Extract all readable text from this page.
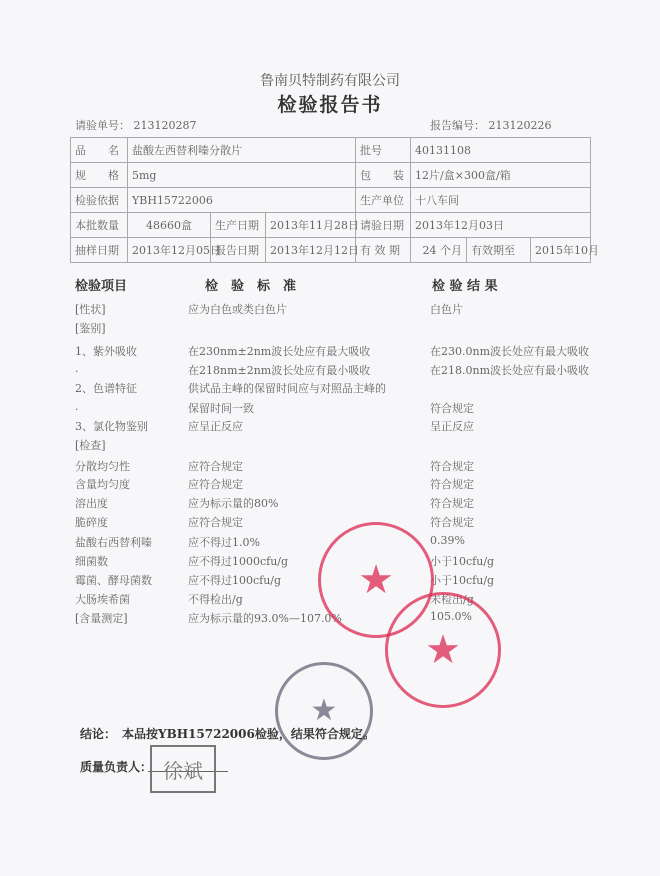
鲁南贝特制药有限公司
检验报告书
请验单号： 213120287	报告编号： 213120226
品　　名	盐酸左西替利嗪分散片			批号	40131108		
规　　格	5mg			包　　装	12片/盒×300盒/箱		
检验依据	YBH15722006			生产单位	十八车间		
本批数量	48660盒	生产日期	2013年11月28日	请验日期	2013年12月03日		
抽样日期	2013年12月05日	报告日期	2013年12月12日	有 效 期	24 个月	有效期至	2015年10月
检验项目	检　验　标　准	检 验 结 果
[性状]	应为白色或类白色片	白色片
[鉴别]
1、紫外吸收	在230nm±2nm波长处应有最大吸收	在230.0nm波长处应有最大吸收
.	在218nm±2nm波长处应有最小吸收	在218.0nm波长处应有最小吸收
2、色谱特征	供试品主峰的保留时间应与对照品主峰的
.	保留时间一致	符合规定
3、氯化物鉴别	应呈正反应	呈正反应
[检查]
分散均匀性	应符合规定	符合规定
含量均匀度	应符合规定	符合规定
溶出度	应为标示量的80%	符合规定
脆碎度	应符合规定	符合规定
盐酸右西替利嗪	应不得过1.0%	0.39%
细菌数	应不得过1000cfu/g	小于10cfu/g
霉菌、酵母菌数	应不得过100cfu/g	小于10cfu/g
大肠埃希菌	不得检出/g	未检出/g
[含量测定]	应为标示量的93.0%—107.0%	105.0%
★
★
★
结论：　本品按YBH15722006检验，结果符合规定。
质量负责人： 徐斌
